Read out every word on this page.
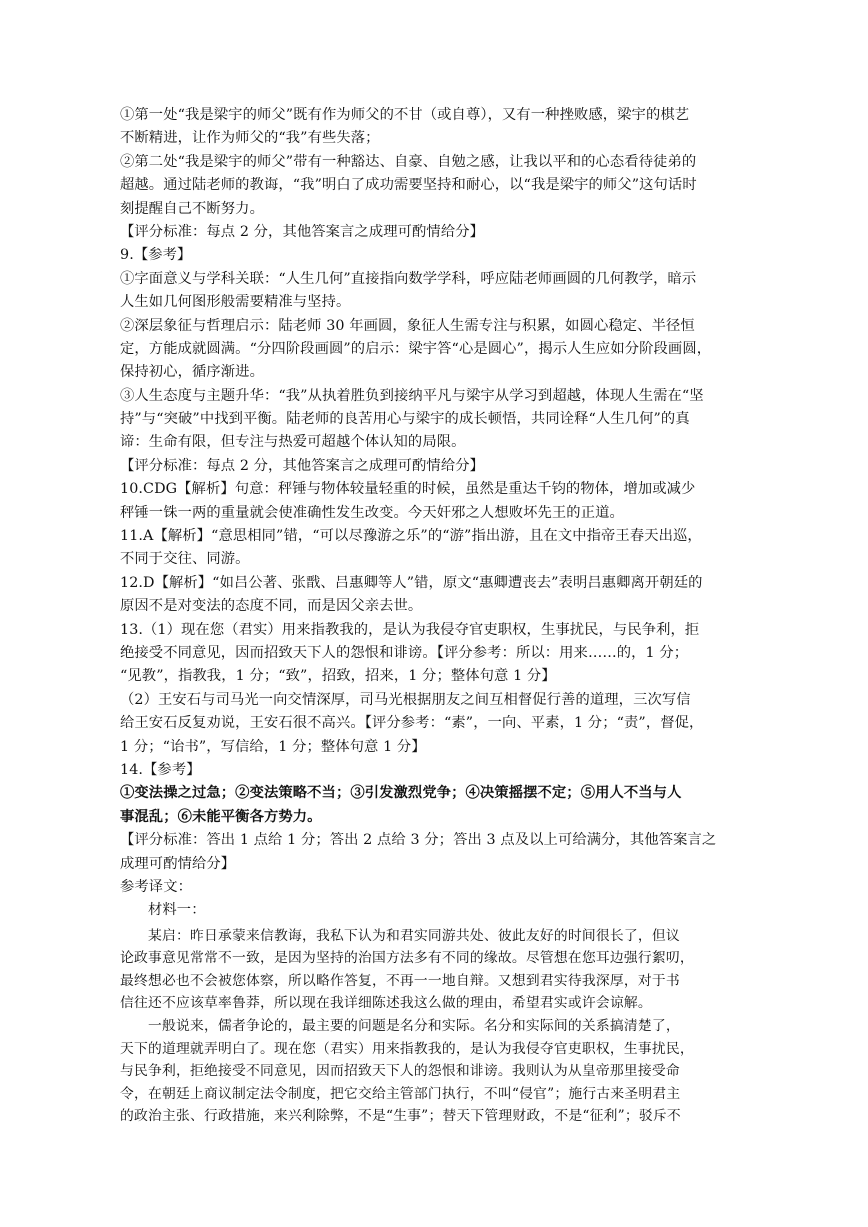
①第一处“我是梁宇的师父”既有作为师父的不甘（或自尊），又有一种挫败感，梁宇的棋艺
不断精进，让作为师父的“我”有些失落；
②第二处“我是梁宇的师父”带有一种豁达、自豪、自勉之感，让我以平和的心态看待徒弟的
超越。通过陆老师的教诲，“我”明白了成功需要坚持和耐心，以“我是梁宇的师父”这句话时
刻提醒自己不断努力。
【评分标准：每点 2 分，其他答案言之成理可酌情给分】
9.【参考】
①字面意义与学科关联：“人生几何”直接指向数学学科，呼应陆老师画圆的几何教学，暗示
人生如几何图形般需要精准与坚持。
②深层象征与哲理启示：陆老师 30 年画圆，象征人生需专注与积累，如圆心稳定、半径恒
定，方能成就圆满。“分四阶段画圆”的启示：梁宇答“心是圆心”，揭示人生应如分阶段画圆，
保持初心，循序渐进。
③人生态度与主题升华：“我”从执着胜负到接纳平凡与梁宇从学习到超越，体现人生需在“坚
持”与“突破”中找到平衡。陆老师的良苦用心与梁宇的成长顿悟，共同诠释“人生几何”的真
谛：生命有限，但专注与热爱可超越个体认知的局限。
【评分标准：每点 2 分，其他答案言之成理可酌情给分】
10.CDG【解析】句意：秤锤与物体较量轻重的时候，虽然是重达千钧的物体，增加或减少
秤锤一铢一两的重量就会使准确性发生改变。今天奸邪之人想败坏先王的正道。
11.A【解析】“意思相同”错，“可以尽豫游之乐”的“游”指出游，且在文中指帝王春天出巡，
不同于交往、同游。
12.D【解析】“如吕公著、张戬、吕惠卿等人”错，原文“惠卿遭丧去”表明吕惠卿离开朝廷的
原因不是对变法的态度不同，而是因父亲去世。
13.（1）现在您（君实）用来指教我的，是认为我侵夺官吏职权，生事扰民，与民争利，拒
绝接受不同意见，因而招致天下人的怨恨和诽谤。【评分参考：所以：用来……的，1 分；
“见教”，指教我，1 分；“致”，招致，招来，1 分；整体句意 1 分】
（2）王安石与司马光一向交情深厚，司马光根据朋友之间互相督促行善的道理，三次写信
给王安石反复劝说，王安石很不高兴。【评分参考：“素”，一向、平素，1 分；“责”，督促，
1 分；“诒书”，写信给，1 分；整体句意 1 分】
14.【参考】
①变法操之过急；②变法策略不当；③引发激烈党争；④决策摇摆不定；⑤用人不当与人
事混乱；⑥未能平衡各方势力。
【评分标准：答出 1 点给 1 分；答出 2 点给 3 分；答出 3 点及以上可给满分，其他答案言之
成理可酌情给分】
参考译文：
材料一：
某启：昨日承蒙来信教诲，我私下认为和君实同游共处、彼此友好的时间很长了，但议
论政事意见常常不一致，是因为坚持的治国方法多有不同的缘故。尽管想在您耳边强行絮叨，
最终想必也不会被您体察，所以略作答复，不再一一地自辩。又想到君实待我深厚，对于书
信往还不应该草率鲁莽，所以现在我详细陈述我这么做的理由，希望君实或许会谅解。
一般说来，儒者争论的，最主要的问题是名分和实际。名分和实际间的关系搞清楚了，
天下的道理就弄明白了。现在您（君实）用来指教我的，是认为我侵夺官吏职权，生事扰民，
与民争利，拒绝接受不同意见，因而招致天下人的怨恨和诽谤。我则认为从皇帝那里接受命
令，在朝廷上商议制定法令制度，把它交给主管部门执行，不叫“侵官”；施行古来圣明君主
的政治主张、行政措施，来兴利除弊，不是“生事”；替天下管理财政，不是“征利”；驳斥不
